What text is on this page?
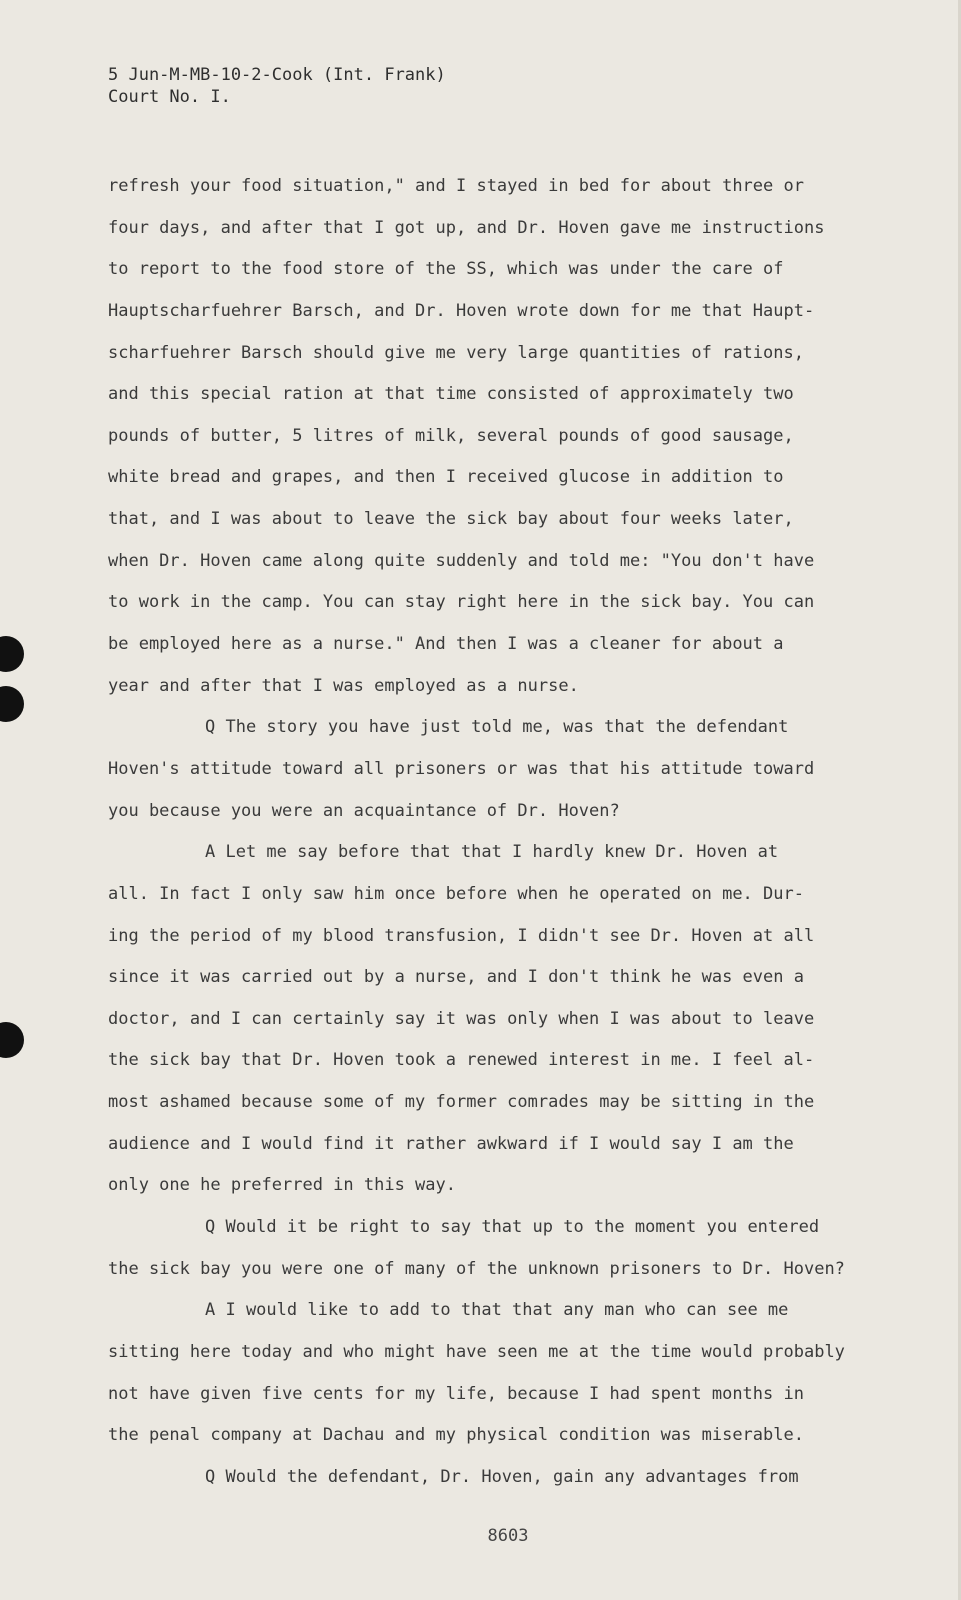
5 Jun-M-MB-10-2-Cook (Int. Frank)
Court No. I.
refresh your food situation," and I stayed in bed for about three or
four days, and after that I got up, and Dr. Hoven gave me instructions
to report to the food store of the SS, which was under the care of
Hauptscharfuehrer Barsch, and Dr. Hoven wrote down for me that Haupt-
scharfuehrer Barsch should give me very large quantities of rations,
and this special ration at that time consisted of approximately two
pounds of butter, 5 litres of milk, several pounds of good sausage,
white bread and grapes, and then I received glucose in addition to
that, and I was about to leave the sick bay about four weeks later,
when Dr. Hoven came along quite suddenly and told me: "You don't have
to work in the camp. You can stay right here in the sick bay. You can
be employed here as a nurse." And then I was a cleaner for about a
year and after that I was employed as a nurse.
Q The story you have just told me, was that the defendant
Hoven's attitude toward all prisoners or was that his attitude toward
you because you were an acquaintance of Dr. Hoven?
A Let me say before that that I hardly knew Dr. Hoven at
all. In fact I only saw him once before when he operated on me. Dur-
ing the period of my blood transfusion, I didn't see Dr. Hoven at all
since it was carried out by a nurse, and I don't think he was even a
doctor, and I can certainly say it was only when I was about to leave
the sick bay that Dr. Hoven took a renewed interest in me. I feel al-
most ashamed because some of my former comrades may be sitting in the
audience and I would find it rather awkward if I would say I am the
only one he preferred in this way.
Q Would it be right to say that up to the moment you entered
the sick bay you were one of many of the unknown prisoners to Dr. Hoven?
A I would like to add to that that any man who can see me
sitting here today and who might have seen me at the time would probably
not have given five cents for my life, because I had spent months in
the penal company at Dachau and my physical condition was miserable.
Q Would the defendant, Dr. Hoven, gain any advantages from
8603
